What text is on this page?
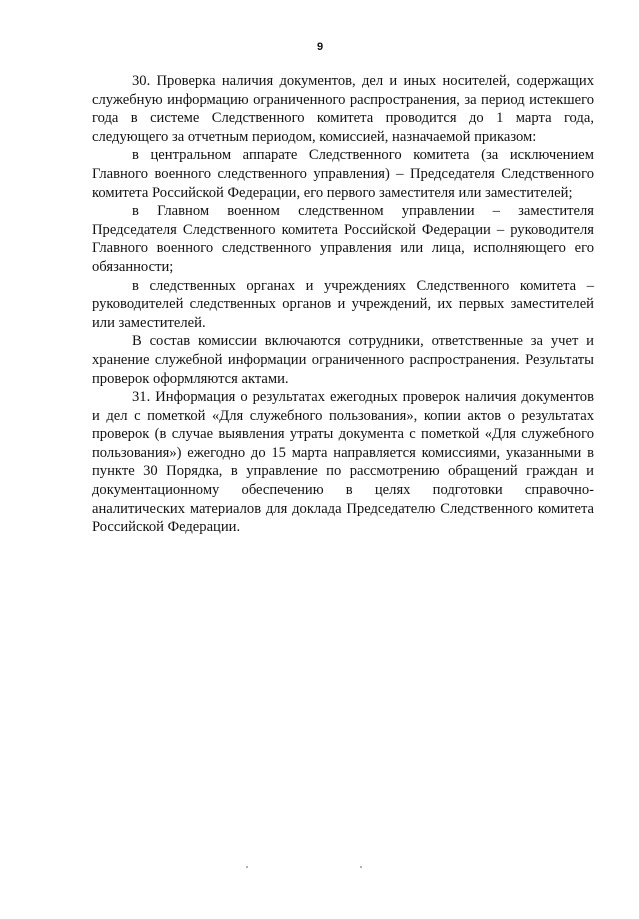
9

30. Проверка наличия документов, дел и иных носителей, содержащих служебную информацию ограниченного распространения, за период истекшего года в системе Следственного комитета проводится до 1 марта года, следующего за отчетным периодом, комиссией, назначаемой приказом:

в центральном аппарате Следственного комитета (за исключением Главного военного следственного управления) – Председателя Следственного комитета Российской Федерации, его первого заместителя или заместителей;

в Главном военном следственном управлении – заместителя Председателя Следственного комитета Российской Федерации – руководителя Главного военного следственного управления или лица, исполняющего его обязанности;

в следственных органах и учреждениях Следственного комитета – руководителей следственных органов и учреждений, их первых заместителей или заместителей.

В состав комиссии включаются сотрудники, ответственные за учет и хранение служебной информации ограниченного распространения. Результаты проверок оформляются актами.

31. Информация о результатах ежегодных проверок наличия документов и дел с пометкой «Для служебного пользования», копии актов о результатах проверок (в случае выявления утраты документа с пометкой «Для служебного пользования») ежегодно до 15 марта направляется комиссиями, указанными в пункте 30 Порядка, в управление по рассмотрению обращений граждан и документационному обеспечению в целях подготовки справочно-аналитических материалов для доклада Председателю Следственного комитета Российской Федерации.
